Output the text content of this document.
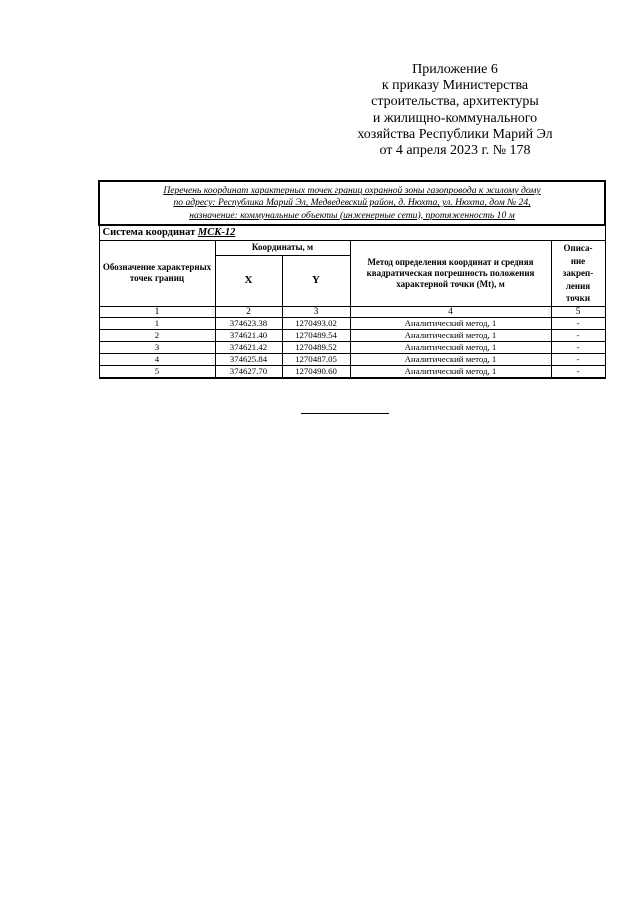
Приложение 6
к приказу Министерства
строительства, архитектуры
и жилищно-коммунального
хозяйства Республики Марий Эл
от 4 апреля 2023 г. № 178
Перечень координат характерных точек границ охранной зоны газопровода к жилому дому
по адресу: Республика Марий Эл, Медведевский район, д. Нюхта, ул. Нюхта, дом № 24,
назначение: коммунальные объекты (инженерные сети), протяженность 10 м				

Система координат МСК-12				
Обозначение характерных точек границ	Координаты, м		Метод определения координат и средняя квадратическая погрешность положения характерной точки (Mt), м	Описа-
ние
закреп-
ления
точки

	X	Y		
1	2	3	4	5
1	374623.38	1270493.02	Аналитический метод, 1	-
2	374621.40	1270489.54	Аналитический метод, 1	-
3	374621.42	1270489.52	Аналитический метод, 1	-
4	374625.84	1270487.05	Аналитический метод, 1	-
5	374627.70	1270490.60	Аналитический метод, 1	-
